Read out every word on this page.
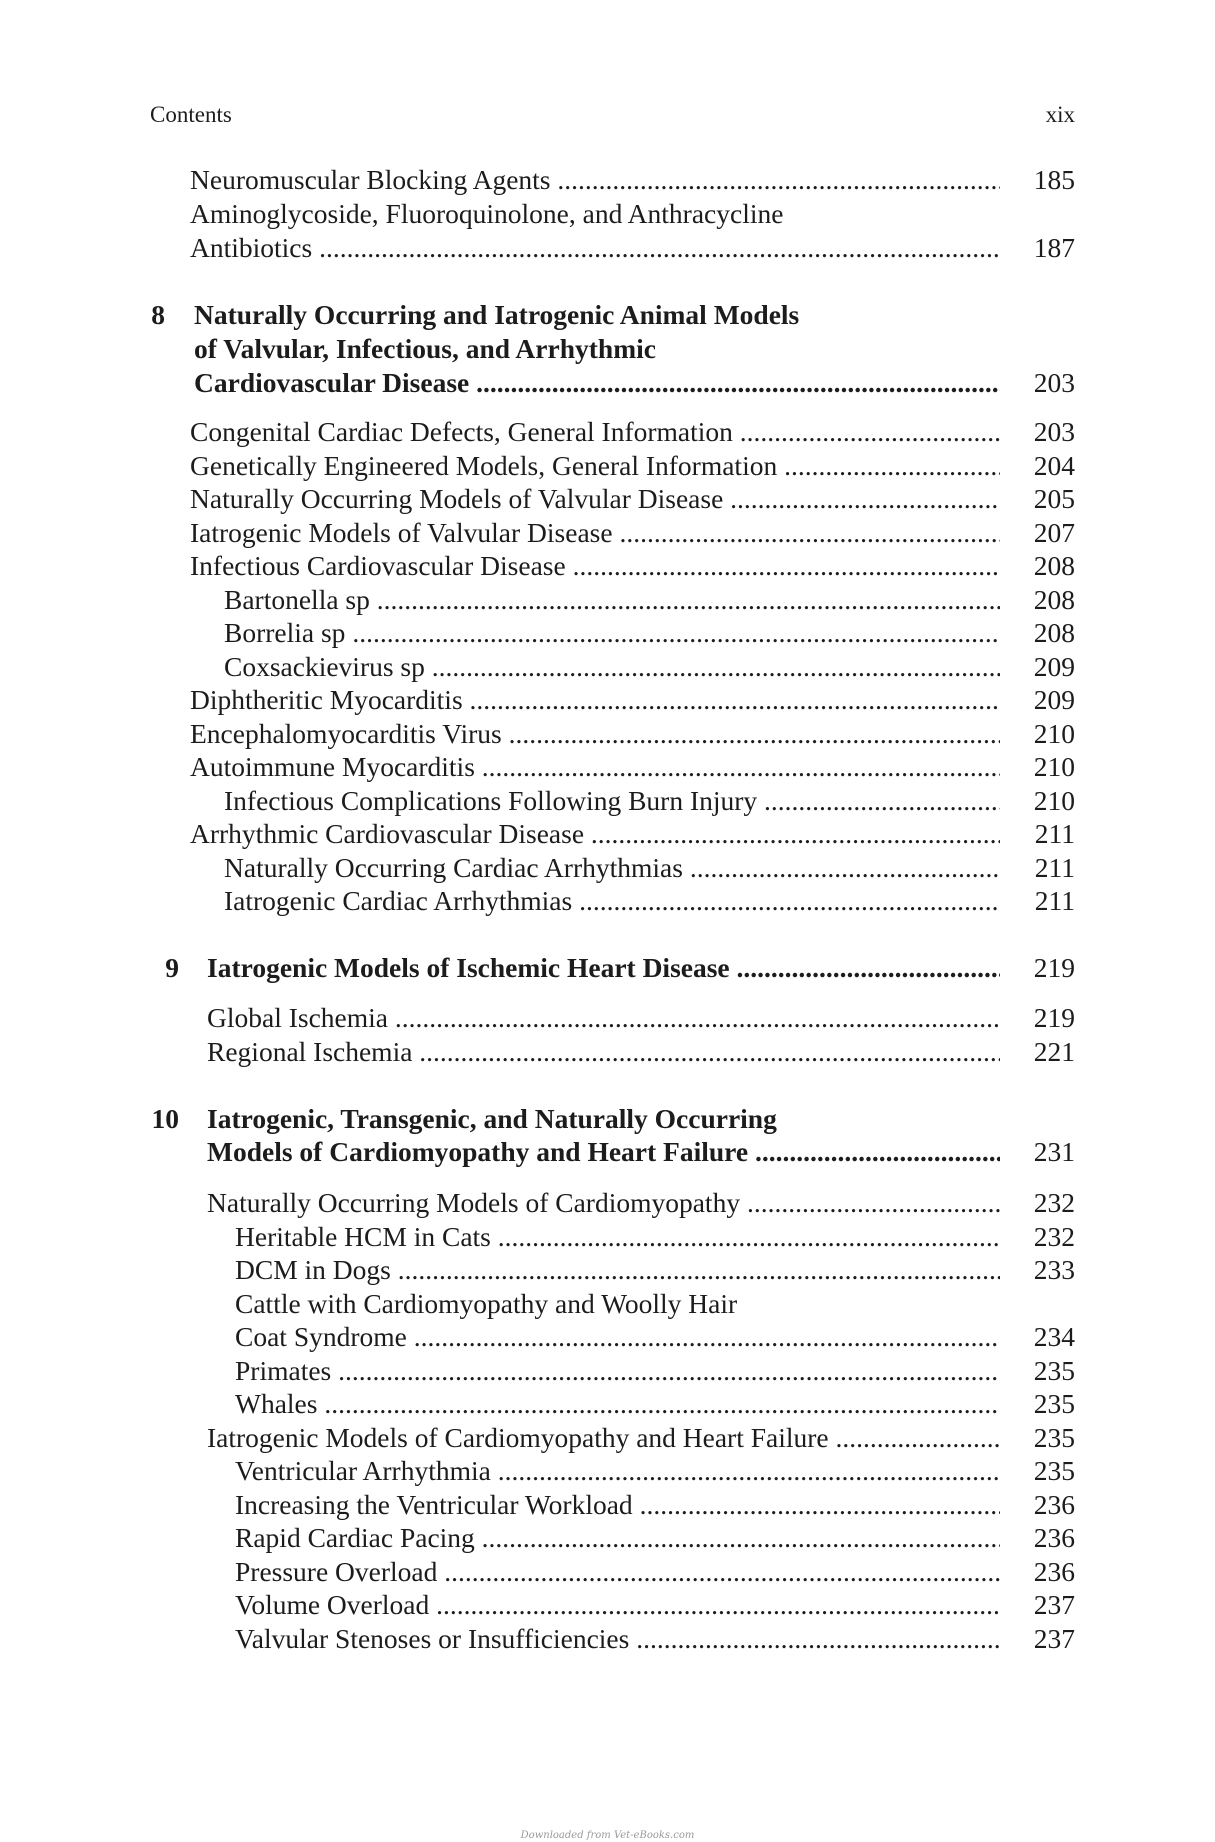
Contents	xix
Neuromuscular Blocking Agents .....	185
Aminoglycoside, Fluoroquinolone, and Anthracycline
Antibiotics .....	187
8 Naturally Occurring and Iatrogenic Animal Models
of Valvular, Infectious, and Arrhythmic
Cardiovascular Disease .....	203
Congenital Cardiac Defects, General Information .....	203
Genetically Engineered Models, General Information .....	204
Naturally Occurring Models of Valvular Disease .....	205
Iatrogenic Models of Valvular Disease .....	207
Infectious Cardiovascular Disease .....	208
Bartonella sp .....	208
Borrelia sp .....	208
Coxsackievirus sp .....	209
Diphtheritic Myocarditis .....	209
Encephalomyocarditis Virus .....	210
Autoimmune Myocarditis .....	210
Infectious Complications Following Burn Injury .....	210
Arrhythmic Cardiovascular Disease .....	211
Naturally Occurring Cardiac Arrhythmias .....	211
Iatrogenic Cardiac Arrhythmias .....	211
9 Iatrogenic Models of Ischemic Heart Disease .....	219
Global Ischemia .....	219
Regional Ischemia .....	221
10 Iatrogenic, Transgenic, and Naturally Occurring
Models of Cardiomyopathy and Heart Failure .....	231
Naturally Occurring Models of Cardiomyopathy .....	232
Heritable HCM in Cats .....	232
DCM in Dogs .....	233
Cattle with Cardiomyopathy and Woolly Hair
Coat Syndrome .....	234
Primates .....	235
Whales .....	235
Iatrogenic Models of Cardiomyopathy and Heart Failure .....	235
Ventricular Arrhythmia .....	235
Increasing the Ventricular Workload .....	236
Rapid Cardiac Pacing .....	236
Pressure Overload .....	236
Volume Overload .....	237
Valvular Stenoses or Insufficiencies .....	237
Downloaded from Vet-eBooks.com
